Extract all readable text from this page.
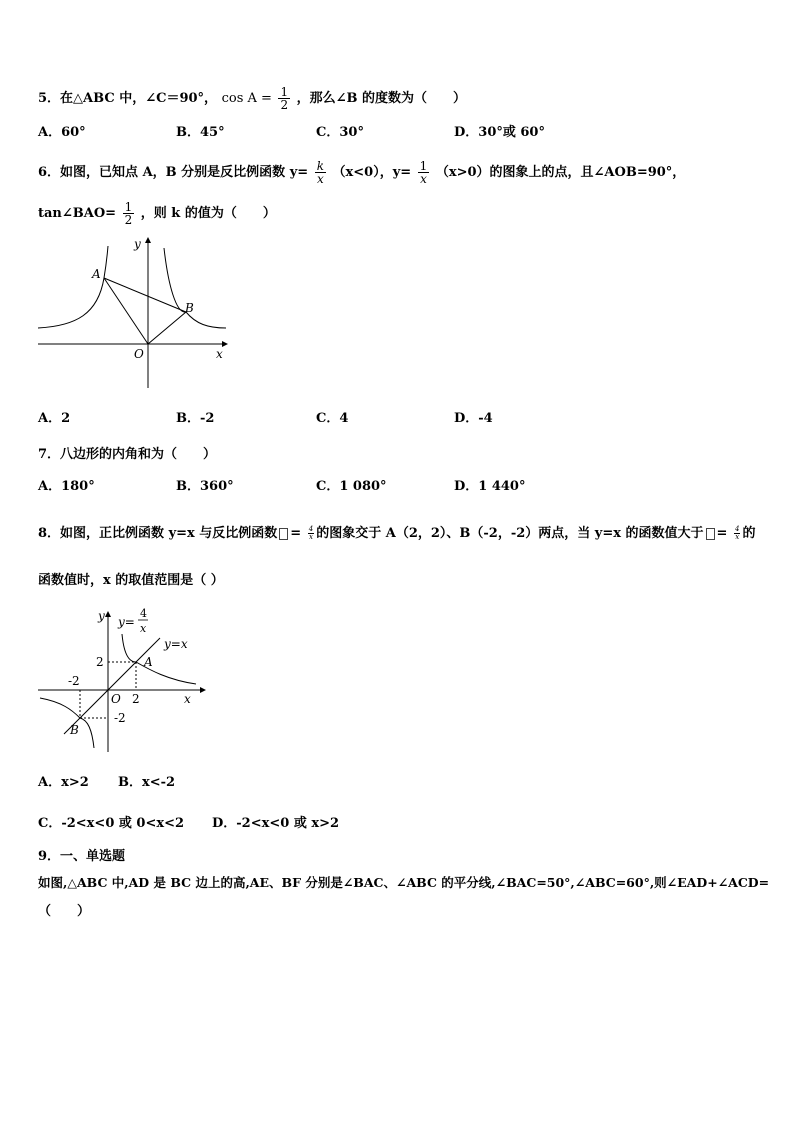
5．在△ABC 中，∠C＝90°， $\cos A = \frac{1}{2}$ ，那么∠B 的度数为（　　）
A．60°	B．45°	C．30°	D．30°或 60°
6．如图，已知点 A，B 分别是反比例函数 $y= \frac{k}{x} (x<0)$，$y= \frac{1}{x} (x>0)$的图象上的点，且∠AOB=90°，
tan∠BAO= $\frac{1}{2}$ ，则 k 的值为（　　）
y
x
O
A
B
A．2	B．-2	C．4	D．-4
7．八边形的内角和为（　　）
A．180°	B．360°	C．1 080°	D．1 440°
8．如图，正比例函数 y=x 与反比例函数 = $\frac{4}{x}$ 的图象交于 A（2，2）、B（-2，-2）两点，当 y=x 的函数值大于 = $\frac{4}{x}$ 的
函数值时，x 的取值范围是（ ）
y y=
4
x
y=x
2	A
-2
O 2	x
-2
B
A．x>2 B．x<-2
C．-2<x<0 或 0<x<2 D．-2<x<0 或 x>2
9．一、单选题
如图,△ABC 中,AD 是 BC 边上的高,AE、BF 分别是∠BAC、∠ABC 的平分线,∠BAC=50°,∠ABC=60°,则∠EAD+∠ACD=
（　　）
